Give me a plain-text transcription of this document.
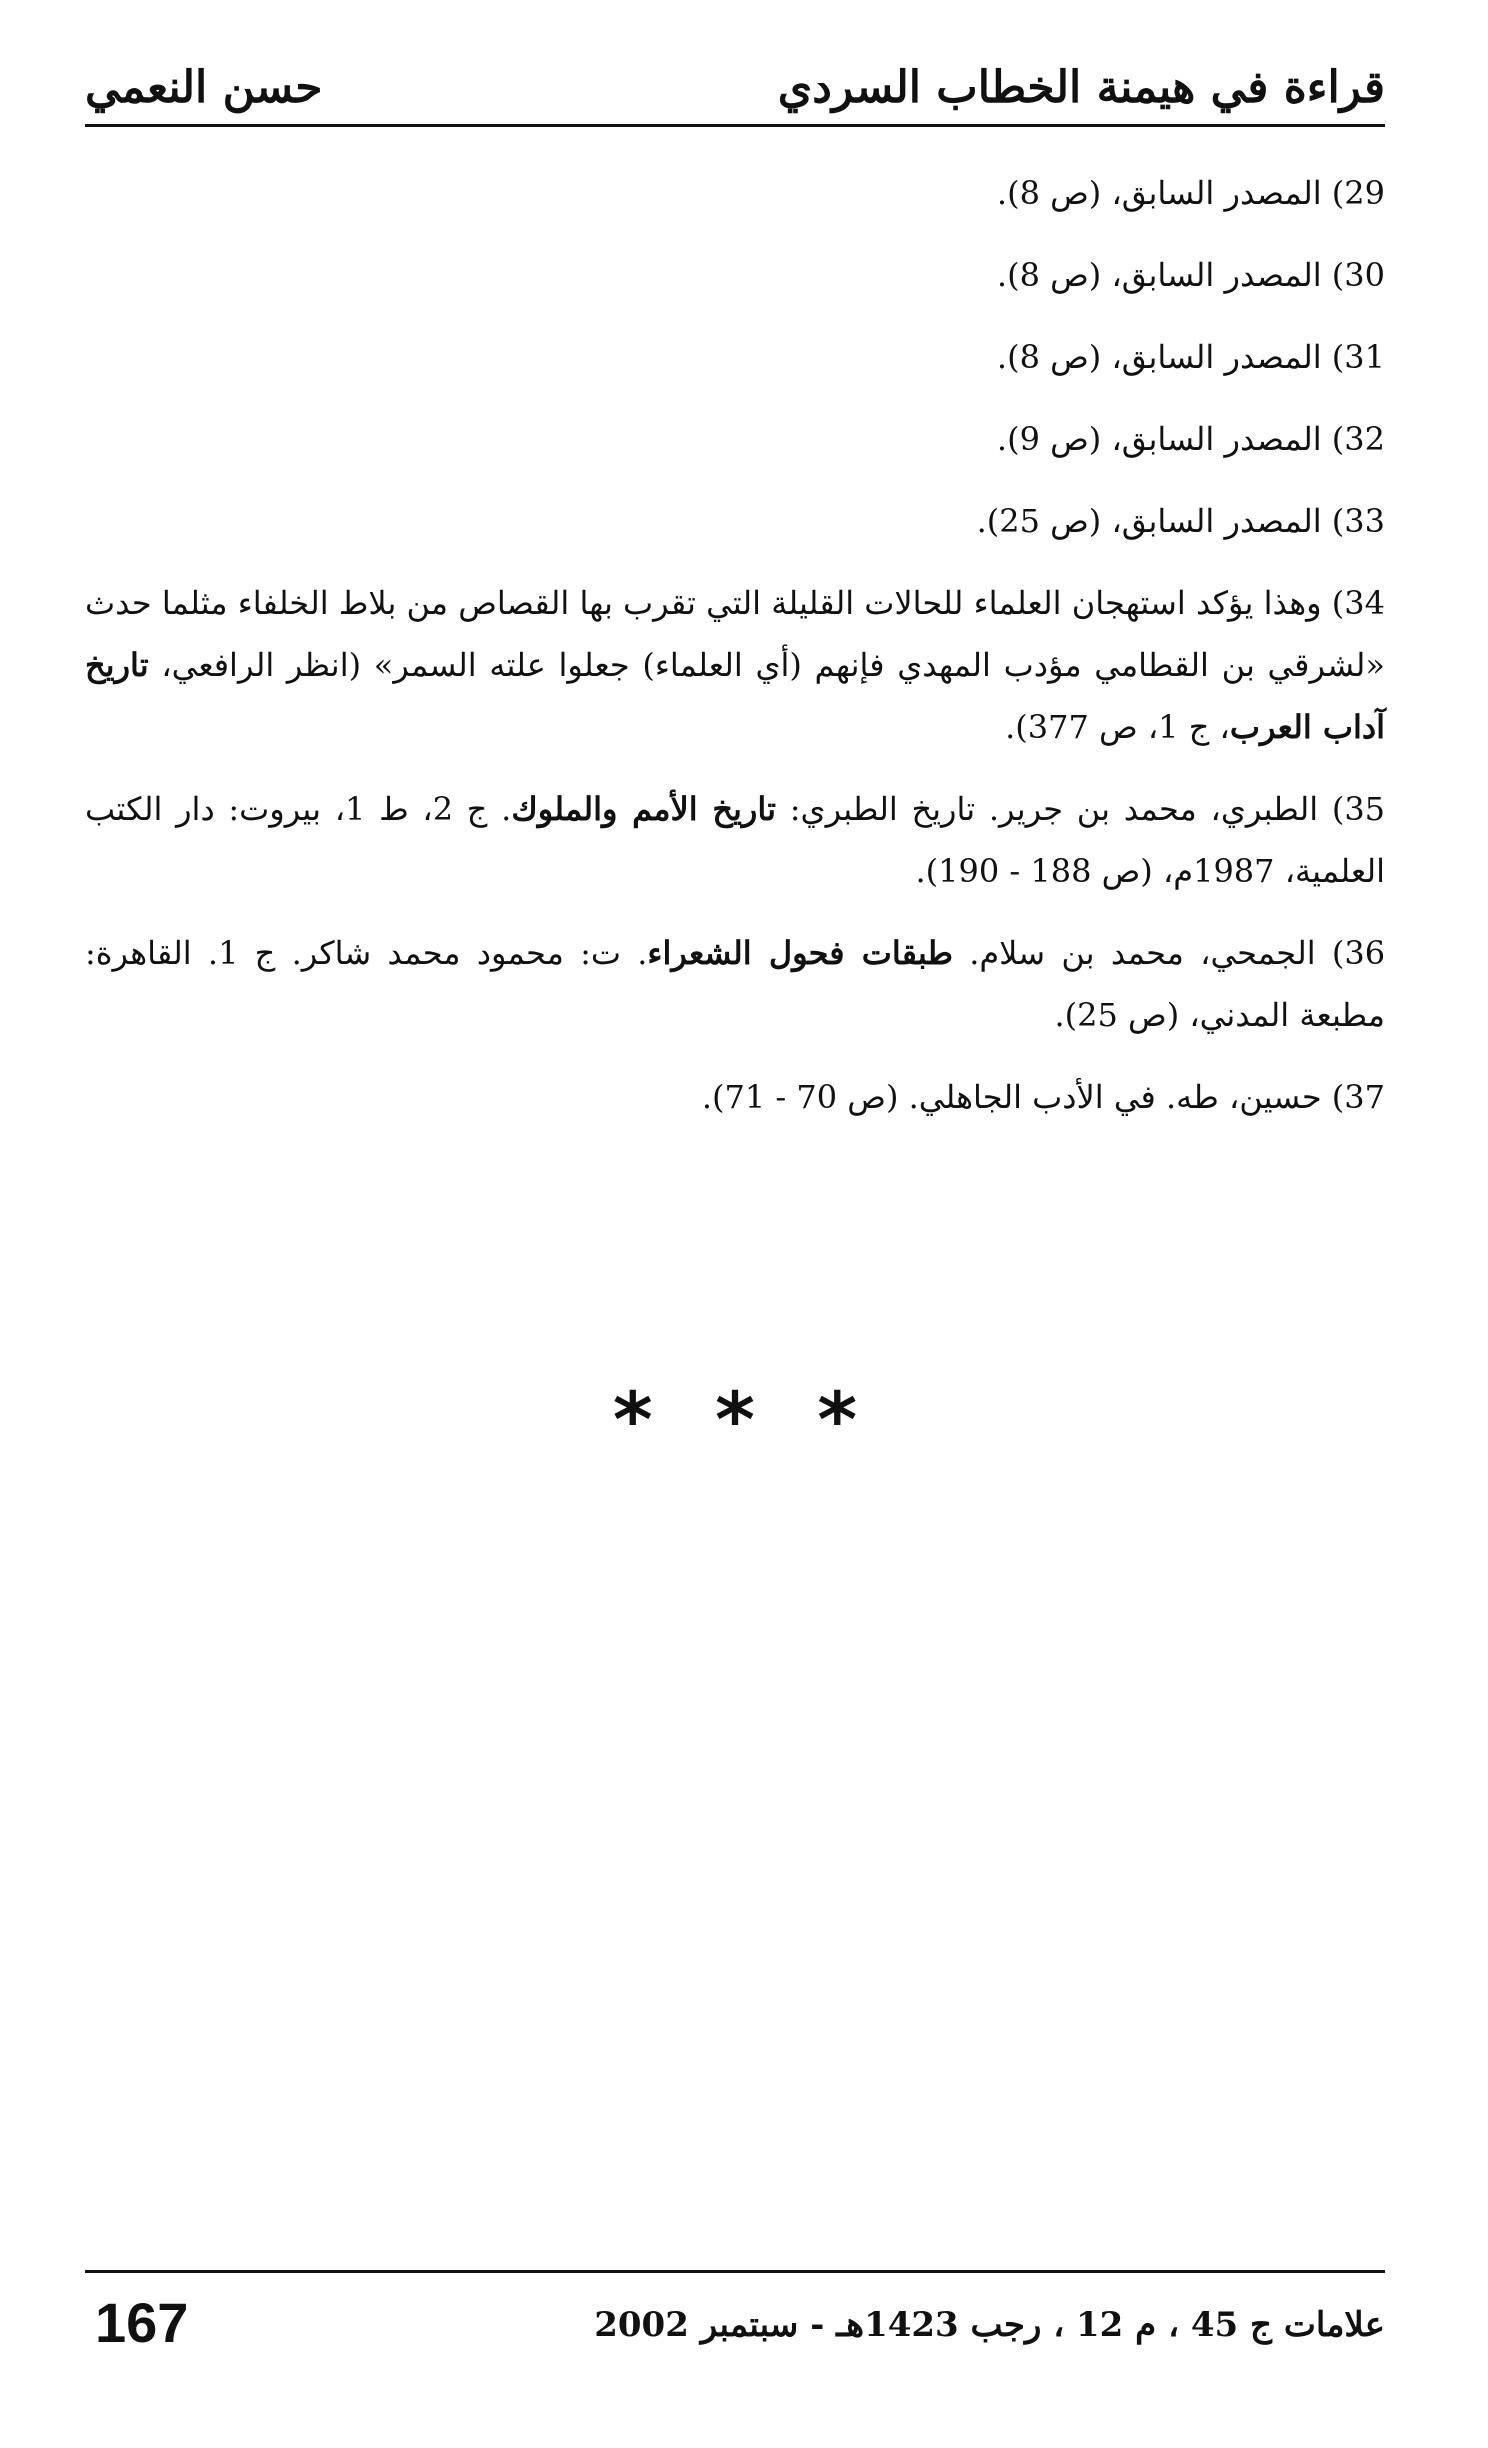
قراءة في هيمنة الخطاب السردي
حسن النعمي

29) المصدر السابق، (ص 8).

30) المصدر السابق، (ص 8).

31) المصدر السابق، (ص 8).

32) المصدر السابق، (ص 9).

33) المصدر السابق، (ص 25).

34) وهذا يؤكد استهجان العلماء للحالات القليلة التي تقرب بها القصاص من بلاط الخلفاء مثلما حدث «لشرقي بن القطامي مؤدب المهدي فإنهم (أي العلماء) جعلوا علته السمر» (انظر الرافعي، تاريخ آداب العرب، ج 1، ص 377).

35) الطبري، محمد بن جرير. تاريخ الطبري: تاريخ الأمم والملوك. ج 2، ط 1، بيروت: دار الكتب العلمية، 1987م، (ص 188 - 190).

36) الجمحي، محمد بن سلام. طبقات فحول الشعراء. ت: محمود محمد شاكر. ج 1. القاهرة: مطبعة المدني، (ص 25).

37) حسين، طه. في الأدب الجاهلي. (ص 70 - 71).

* * *
علامات ج 45 ، م 12 ، رجب 1423هـ - سبتمبر 2002
167
